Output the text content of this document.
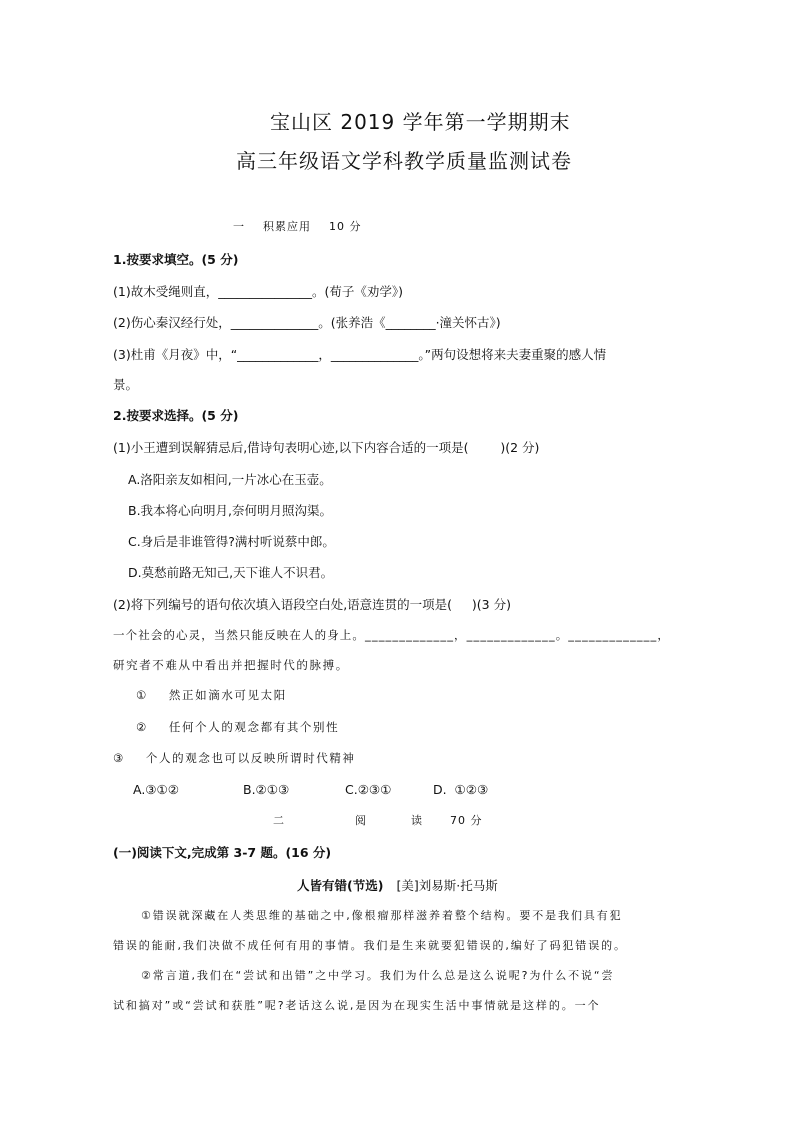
宝山区 2019 学年第一学期期末
高三年级语文学科教学质量监测试卷
一    积累应用    10 分
1.按要求填空。(5 分)
(1)故木受绳则直，_______________。(荀子《劝学》)
(2)伤心秦汉经行处，______________。(张养浩《________·潼关怀古》)
(3)杜甫《月夜》中，“_____________，______________。”两句设想将来夫妻重聚的感人情
景。
2.按要求选择。(5 分)
(1)小王遭到误解猜忌后,借诗句表明心迹,以下内容合适的一项是(        )(2 分)
A.洛阳亲友如相问,一片冰心在玉壶。
B.我本将心向明月,奈何明月照沟渠。
C.身后是非谁管得?满村听说蔡中郎。
D.莫愁前路无知己,天下谁人不识君。
(2)将下列编号的语句依次填入语段空白处,语意连贯的一项是(     )(3 分)
一个社会的心灵，当然只能反映在人的身上。_____________，_____________。_____________，
研究者不难从中看出并把握时代的脉搏。
①    然正如滴水可见太阳
②    任何个人的观念都有其个别性
③    个人的观念也可以反映所谓时代精神
A.③①②	B.②①③	C.②③①	D.  ①②③
二	阅	读 70 分
(一)阅读下文,完成第 3-7 题。(16 分)
人皆有错(节选) [美]刘易斯·托马斯
①错误就深藏在人类思维的基础之中,像根瘤那样滋养着整个结构。要不是我们具有犯
错误的能耐,我们决做不成任何有用的事情。我们是生来就要犯错误的,编好了码犯错误的。
②常言道,我们在“尝试和出错”之中学习。我们为什么总是这么说呢?为什么不说“尝
试和搞对”或“尝试和获胜”呢?老话这么说,是因为在现实生活中事情就是这样的。一个
